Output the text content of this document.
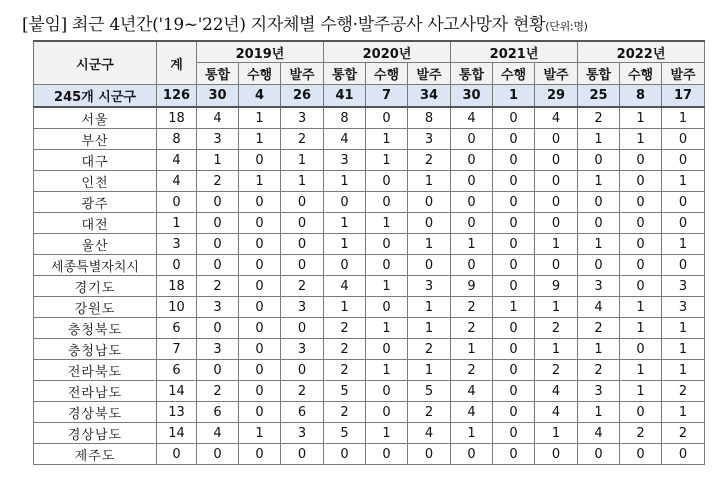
[붙임] 최근 4년간('19~'22년) 지자체별 수행·발주공사 사고사망자 현황(단위:명)
시군구	계	2019년			2020년			2021년			2022년		
		통합	수행	발주	통합	수행	발주	통합	수행	발주	통합	수행	발주
245개 시군구	126	30	4	26	41	7	34	30	1	29	25	8	17
서울	18	4	1	3	8	0	8	4	0	4	2	1	1
부산	8	3	1	2	4	1	3	0	0	0	1	1	0
대구	4	1	0	1	3	1	2	0	0	0	0	0	0
인천	4	2	1	1	1	0	1	0	0	0	1	0	1
광주	0	0	0	0	0	0	0	0	0	0	0	0	0
대전	1	0	0	0	1	1	0	0	0	0	0	0	0
울산	3	0	0	0	1	0	1	1	0	1	1	0	1
세종특별자치시	0	0	0	0	0	0	0	0	0	0	0	0	0
경기도	18	2	0	2	4	1	3	9	0	9	3	0	3
강원도	10	3	0	3	1	0	1	2	1	1	4	1	3
충청북도	6	0	0	0	2	1	1	2	0	2	2	1	1
충청남도	7	3	0	3	2	0	2	1	0	1	1	0	1
전라북도	6	0	0	0	2	1	1	2	0	2	2	1	1
전라남도	14	2	0	2	5	0	5	4	0	4	3	1	2
경상북도	13	6	0	6	2	0	2	4	0	4	1	0	1
경상남도	14	4	1	3	5	1	4	1	0	1	4	2	2
제주도	0	0	0	0	0	0	0	0	0	0	0	0	0
